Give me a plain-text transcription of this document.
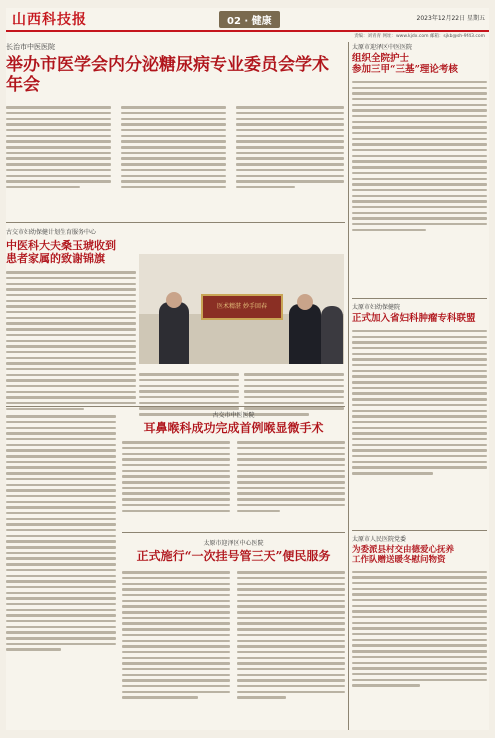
山西科技报	02 · 健康	2023年12月22日 星期五
责编：刘青青 网址：www.kjdx.com 邮箱：sjkb@sh-9f43.com
长治市中医医院
举办市医学会内分泌糖尿病专业委员会学术年会
古交市妇幼保健计划生育服务中心
中医科大夫桑玉琥收到
患者家属的致谢锦旗
医术精湛 妙手回春
古交市中医医院
耳鼻喉科成功完成首例喉显微手术
太原市迎泽区中心医院
正式施行“一次挂号管三天”便民服务
太原市迎泽区中医医院
组织全院护士
参加三甲“三基”理论考核
太原市妇幼保健院
正式加入省妇科肿瘤专科联盟
太原市人民医院党委
为委派县村交由德爱心抚养
工作队赠送暖冬慰问物资
